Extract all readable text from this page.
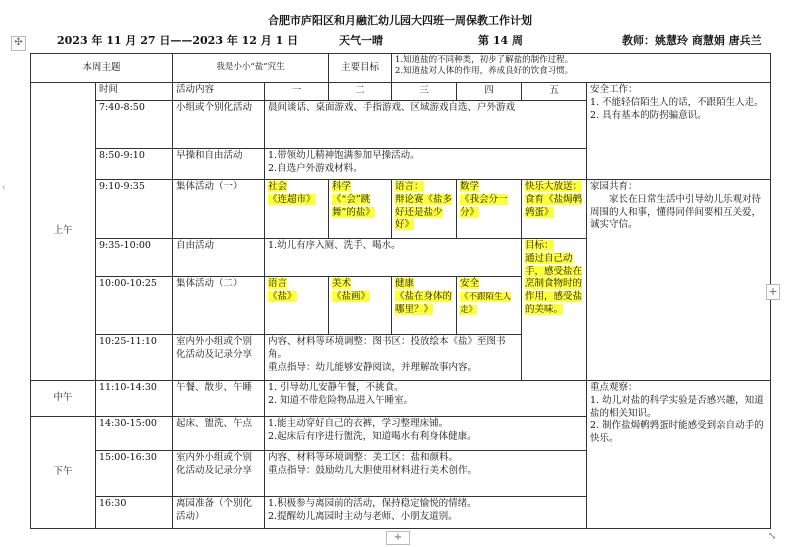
合肥市庐阳区和月融汇幼儿园大四班一周保教工作计划
✣
‹
2023 年 11 月 27 日——2023 年 12 月 1 日	天气一晴	第 14 周	教师：姚慧玲 商慧娟 唐兵兰
本周主题		我是小小“盐”究生		主要目标	1.知道盐的不同种类，初步了解盐的制作过程。
2.知道盐对人体的作用，养成良好的饮食习惯。			

上午	时间	活动内容	一	二	三	四	五	安全工作：
1. 不能轻信陌生人的话，不跟陌生人走。
2. 具有基本的防拐骗意识。

	7:40-8:50	小组或个别化活动	晨间谈话、桌面游戏、手指游戏、区域游戏自选、户外游戏					
	8:50-9:10	早操和自由活动	1.带领幼儿精神饱满参加早操活动。
2.自选户外游戏材料。					

	9:10-9:35	集体活动（一）	社会
《连超市》	科学
《“会”跳舞”的盐》	语言：
辩论赛《盐多好还是盐少好》	数学
《我会分一分》	快乐大放送：食育《盐焗鹌鹑蛋》	家园共育：
家长在日常生活中引导幼儿乐观对待周围的人和事，懂得同伴间要相互关爱，诚实守信。

	9:35-10:00	自由活动	1.幼儿有序入厕、洗手、喝水。				目标：
通过自己动手，感受盐在烹制食物时的作用，感受盐的美味。	
	10:00-10:25	集体活动（二）	语言
《盐》	美术
《盐画》	健康
《盐在身体的哪里？》	安全
《不跟陌生人走》		
	10:25-11:10	室内外小组或个别化活动及记录分享	内容、材料等环境调整：图书区：投放绘本《盐》至图书角。
重点指导：幼儿能够安静阅读，并理解故事内容。					

中午	11:10-14:30	午餐、散步、午睡	1. 引导幼儿安静午餐，不挑食。
2. 知道不带危险物品进入午睡室。					重点观察：
1. 幼儿对盐的科学实验是否感兴趣，知道盐的相关知识。
2. 制作盐焗鹌鹑蛋时能感受到亲自动手的快乐。

下午	14:30-15:00	起床、盥洗、午点	1.能主动穿好自己的衣裤，学习整理床铺。
2.起床后有序进行盥洗，知道喝水有利身体健康。					

	15:00-16:30	室内外小组或个别化活动及记录分享	内容、材料等环境调整：美工区：盐和颜料。
重点指导：鼓励幼儿大胆使用材料进行美术创作。					

	16:30	离园准备（个别化活动）	1.积极参与离园前的活动，保持稳定愉悦的情绪。
2.提醒幼儿离园时主动与老师、小朋友道别。					
+
+	⤡
